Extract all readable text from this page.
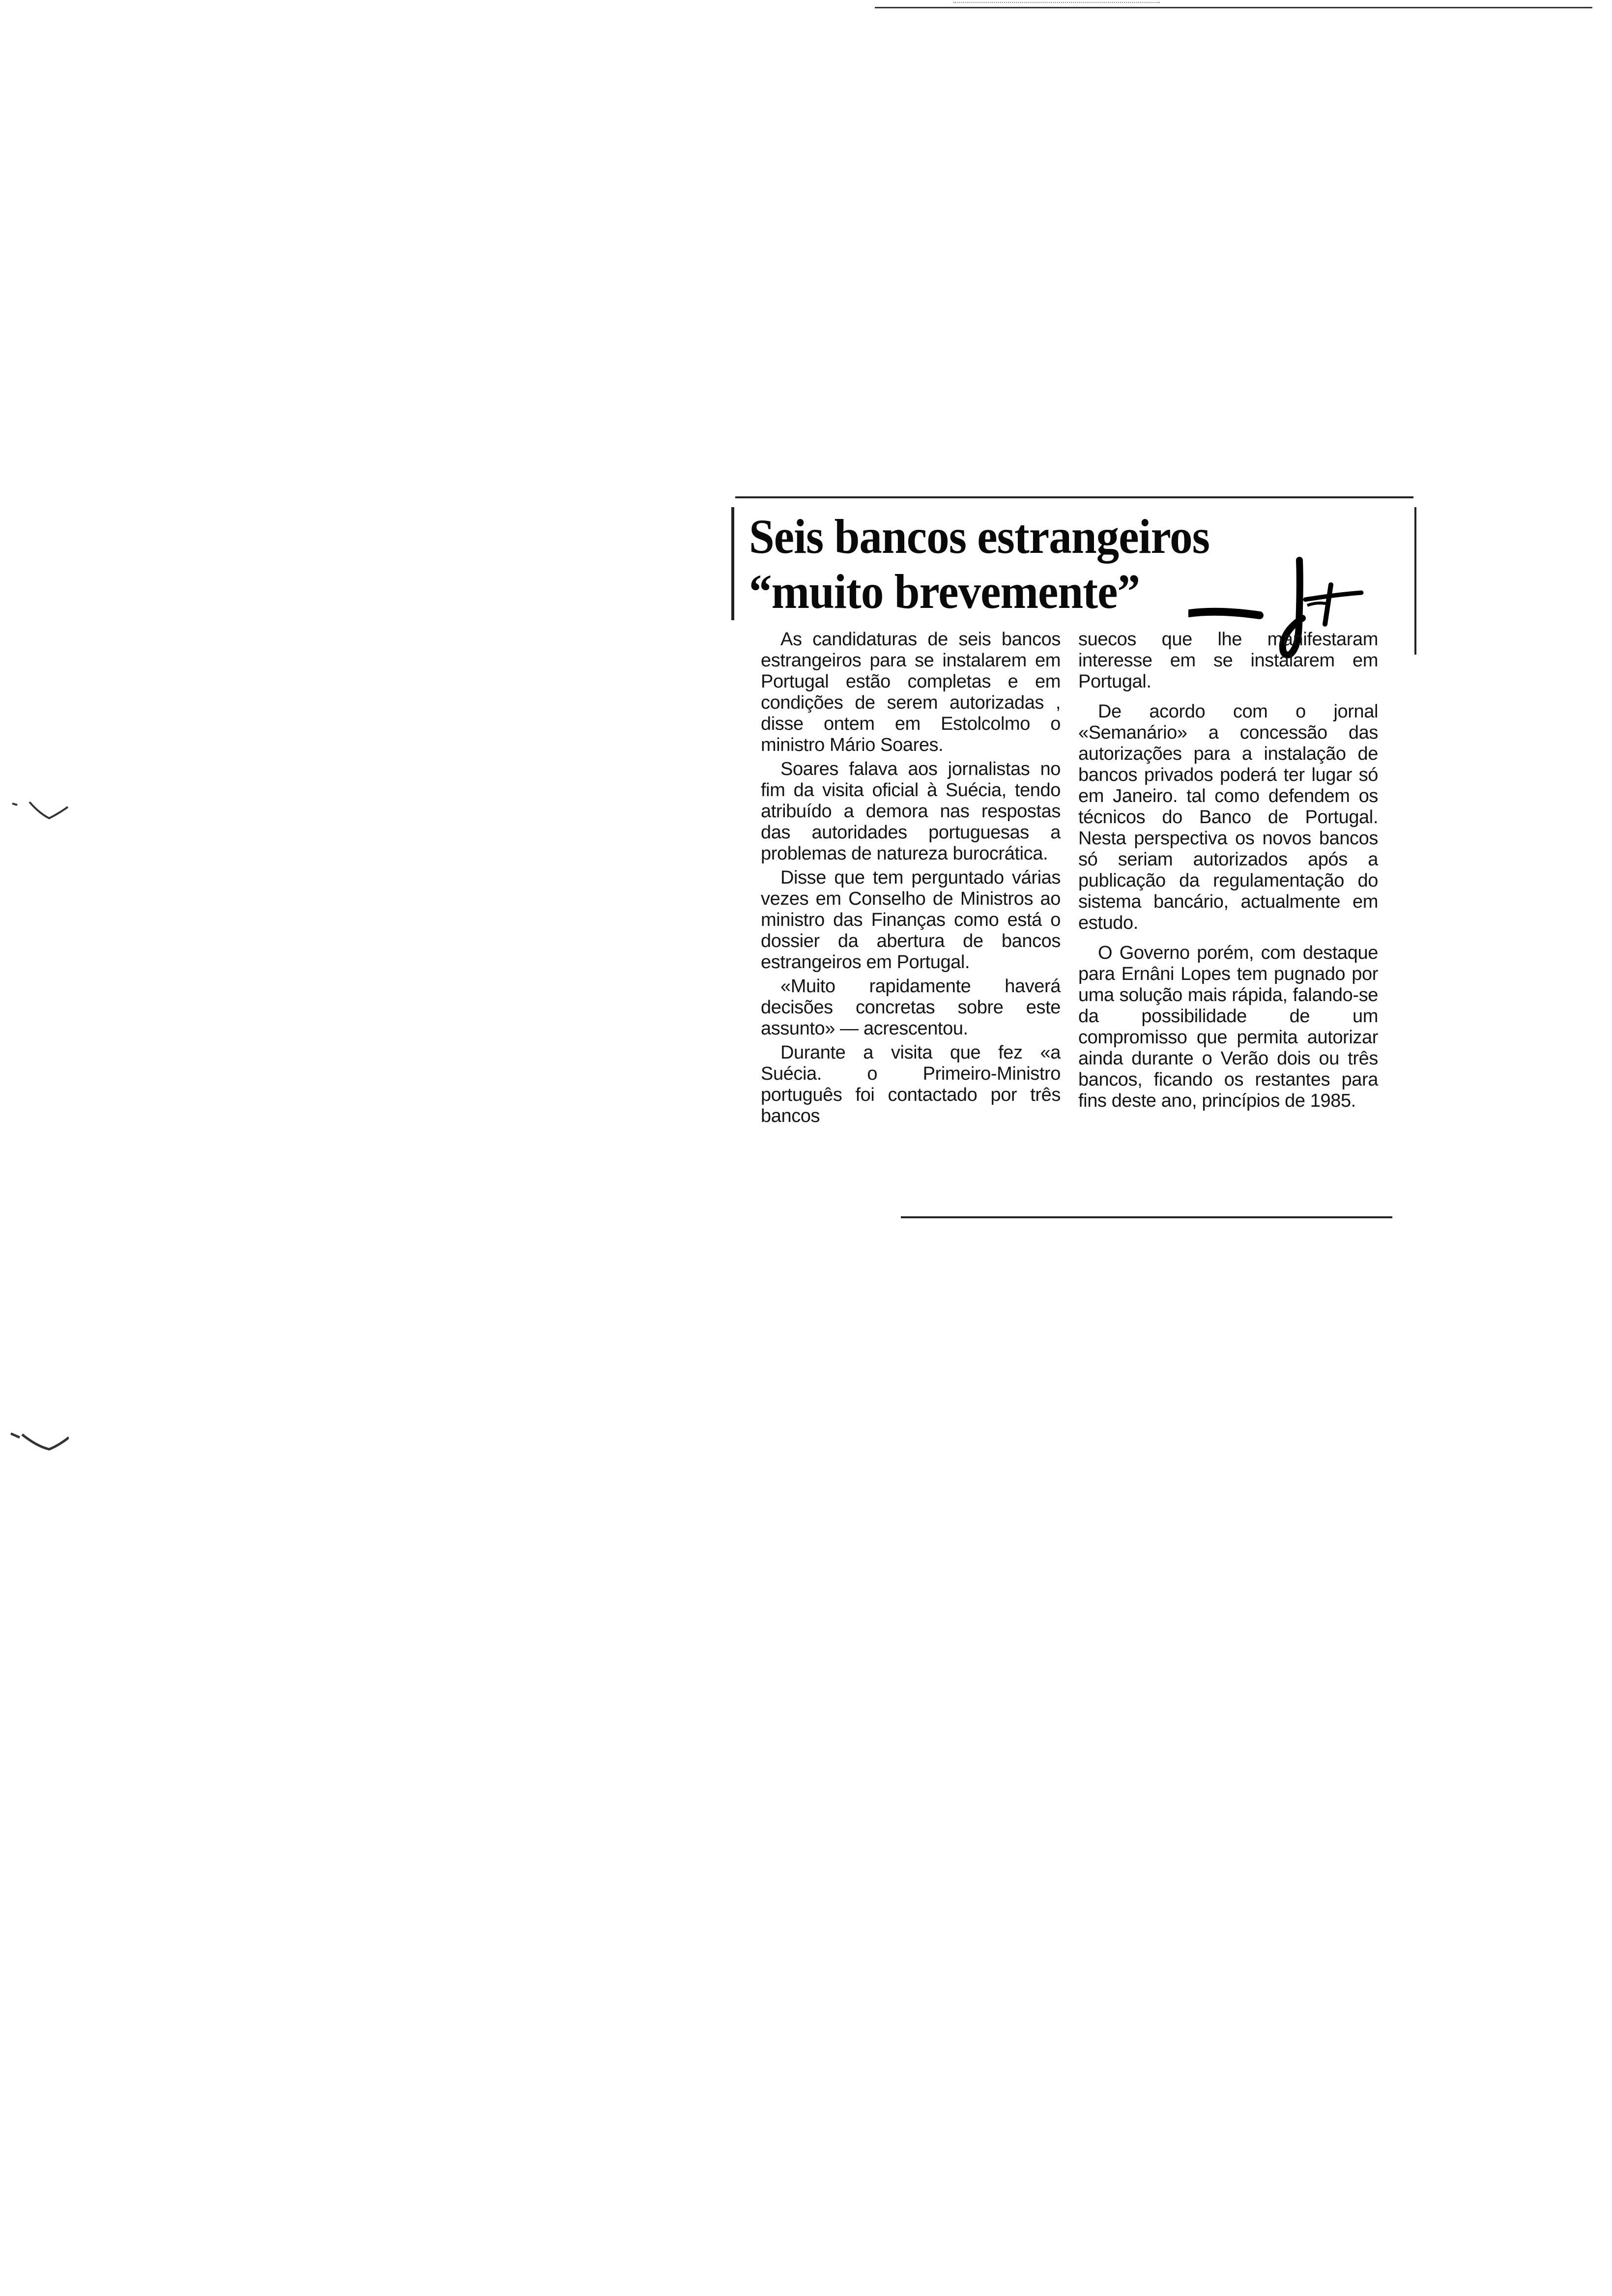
Seis bancos estrangeiros
“muito brevemente”

As candidaturas de seis bancos estrangeiros para se instalarem em Portugal estão completas e em condições de serem autorizadas , disse ontem em Estolcolmo o ministro Mário Soares.

Soares falava aos jornalistas no fim da visita oficial à Suécia, tendo atribuído a demora nas respostas das autoridades portuguesas a problemas de natureza burocrática.

Disse que tem perguntado várias vezes em Conselho de Ministros ao ministro das Finanças como está o dossier da abertura de bancos estrangeiros em Portugal.

«Muito rapidamente haverá decisões concretas sobre este assunto» — acrescentou.

Durante a visita que fez «a Suécia. o Primeiro-Ministro português foi contactado por três bancos

suecos que lhe manifestaram interesse em se instalarem em Portugal.

De acordo com o jornal «Semanário» a concessão das autorizações para a instalação de bancos privados poderá ter lugar só em Janeiro. tal como defendem os técnicos do Banco de Portugal. Nesta perspectiva os novos bancos só seriam autorizados após a publicação da regulamentação do sistema bancário, actualmente em estudo.

O Governo porém, com destaque para Ernâni Lopes tem pugnado por uma solução mais rápida, falando-se da possibilidade de um compromisso que permita autorizar ainda durante o Verão dois ou três bancos, ficando os restantes para fins deste ano, princípios de 1985.
